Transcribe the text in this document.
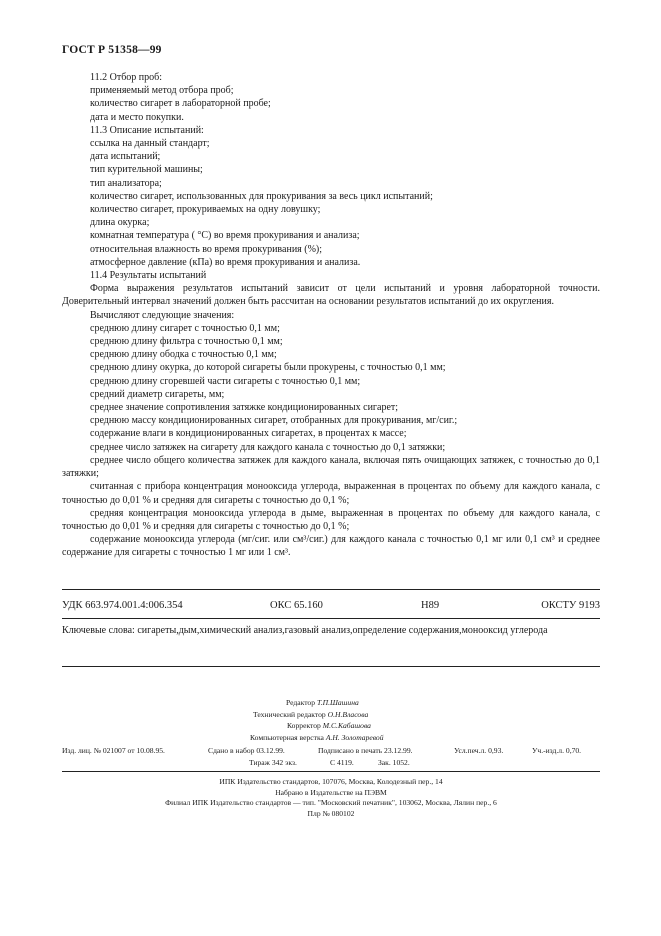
ГОСТ Р 51358—99

11.2 Отбор проб:

применяемый метод отбора проб;

количество сигарет в лабораторной пробе;

дата и место покупки.

11.3 Описание испытаний:

ссылка на данный стандарт;

дата испытаний;

тип курительной машины;

тип анализатора;

количество сигарет, использованных для прокуривания за весь цикл испытаний;

количество сигарет, прокуриваемых на одну ловушку;

длина окурка;

комнатная температура ( °С) во время прокуривания и анализа;

относительная влажность во время прокуривания (%);

атмосферное давление (кПа) во время прокуривания и анализа.

11.4 Результаты испытаний

Форма выражения результатов испытаний зависит от цели испытаний и уровня лабораторной точности. Доверительный интервал значений должен быть рассчитан на основании результатов испытаний до их округления.

Вычисляют следующие значения:

среднюю длину сигарет с точностью 0,1 мм;

среднюю длину фильтра с точностью 0,1 мм;

среднюю длину ободка с точностью 0,1 мм;

среднюю длину окурка, до которой сигареты были прокурены, с точностью 0,1 мм;

среднюю длину сгоревшей части сигареты с точностью 0,1 мм;

средний диаметр сигареты, мм;

среднее значение сопротивления затяжке кондиционированных сигарет;

среднюю массу кондиционированных сигарет, отобранных для прокуривания, мг/сиг.;

содержание влаги в кондиционированных сигаретах, в процентах к массе;

среднее число затяжек на сигарету для каждого канала с точностью до 0,1 затяжки;

среднее число общего количества затяжек для каждого канала, включая пять очищающих затяжек, с точностью до 0,1 затяжки;

считанная с прибора концентрация монооксида углерода, выраженная в процентах по объему для каждого канала, с точностью до 0,01 % и средняя для сигареты с точностью до 0,1 %;

средняя концентрация монооксида углерода в дыме, выраженная в процентах по объему для каждого канала, с точностью до 0,01 % и средняя для сигареты с точностью до 0,1 %;

содержание монооксида углерода (мг/сиг. или см³/сиг.) для каждого канала с точностью 0,1 мг или 0,1 см³ и среднее содержание для сигареты с точностью 1 мг или 1 см³.

УДК 663.974.001.4:006.354	ОКС 65.160	Н89	ОКСТУ 9193
Ключевые слова: сигареты,дым,химический анализ,газовый анализ,определение содержания,монооксид углерода
Редактор Т.П.Шашина
Технический редактор О.Н.Власова
Корректор М.С.Кабашова
Компьютерная верстка А.Н. Золотаревой
Изд. лиц. № 021007 от 10.08.95.	Сдано в набор 03.12.99.	Подписано в печать 23.12.99.	Усл.печ.л. 0,93.	Уч.-изд.л. 0,70.
Тираж 342 экз.	С 4119.	Зак. 1052.
ИПК Издательство стандартов, 107076, Москва, Колодезный пер., 14
Набрано в Издательстве на ПЭВМ
Филиал ИПК Издательство стандартов — тип. "Московский печатник", 103062, Москва, Лялин пер., 6
Плр № 080102
